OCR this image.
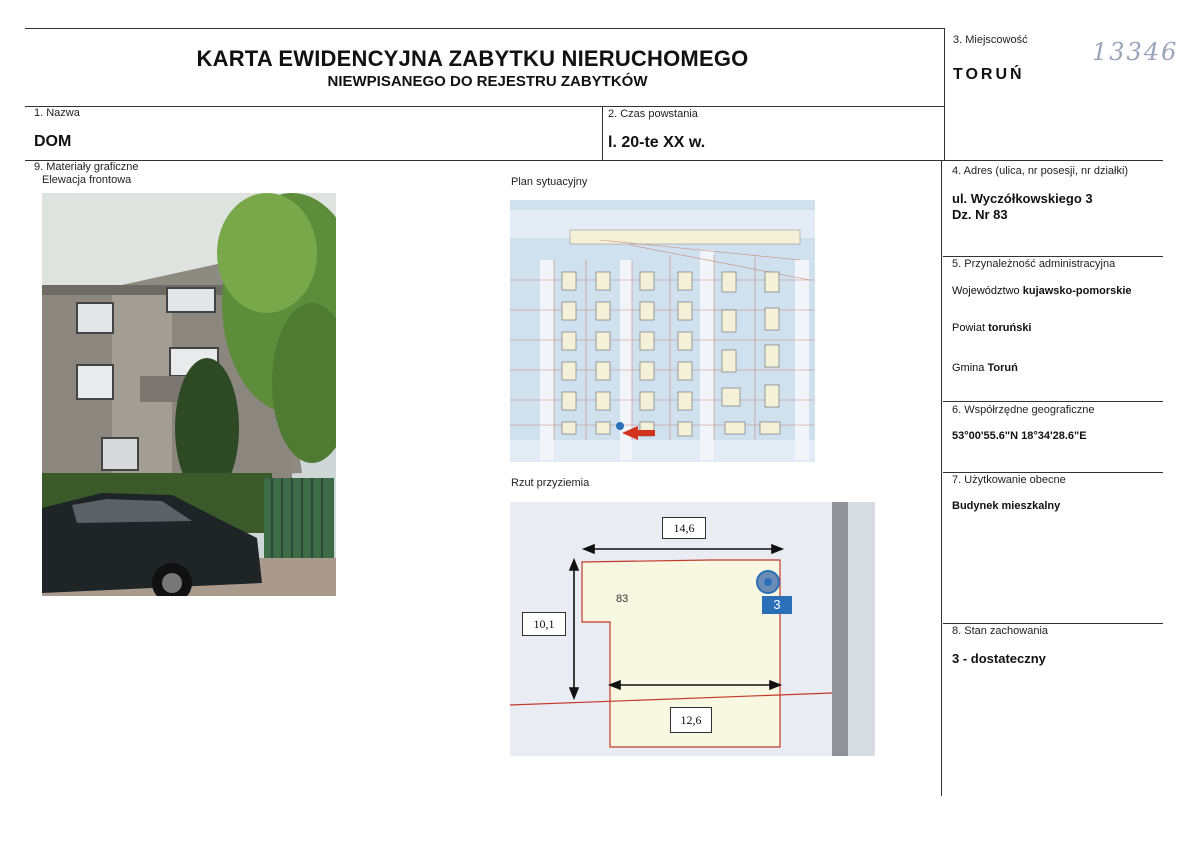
KARTA EWIDENCYJNA ZABYTKU NIERUCHOMEGO
NIEWPISANEGO DO REJESTRU ZABYTKÓW
3. Miejscowość
TORUŃ
13346
1. Nazwa
DOM
2. Czas powstania
l. 20-te XX w.
9. Materiały graficzne
Elewacja frontowa	Plan sytuacyjny
Rzut przyziemia
14,6
10,1
12,6
83	3
4. Adres (ulica, nr posesji, nr działki)
ul. Wyczółkowskiego 3
Dz. Nr 83
5. Przynależność administracyjna
Województwo kujawsko-pomorskie
Powiat toruński
Gmina Toruń
6. Współrzędne geograficzne
53°00'55.6"N 18°34'28.6"E
7. Użytkowanie obecne
Budynek mieszkalny
8. Stan zachowania
3 - dostateczny
